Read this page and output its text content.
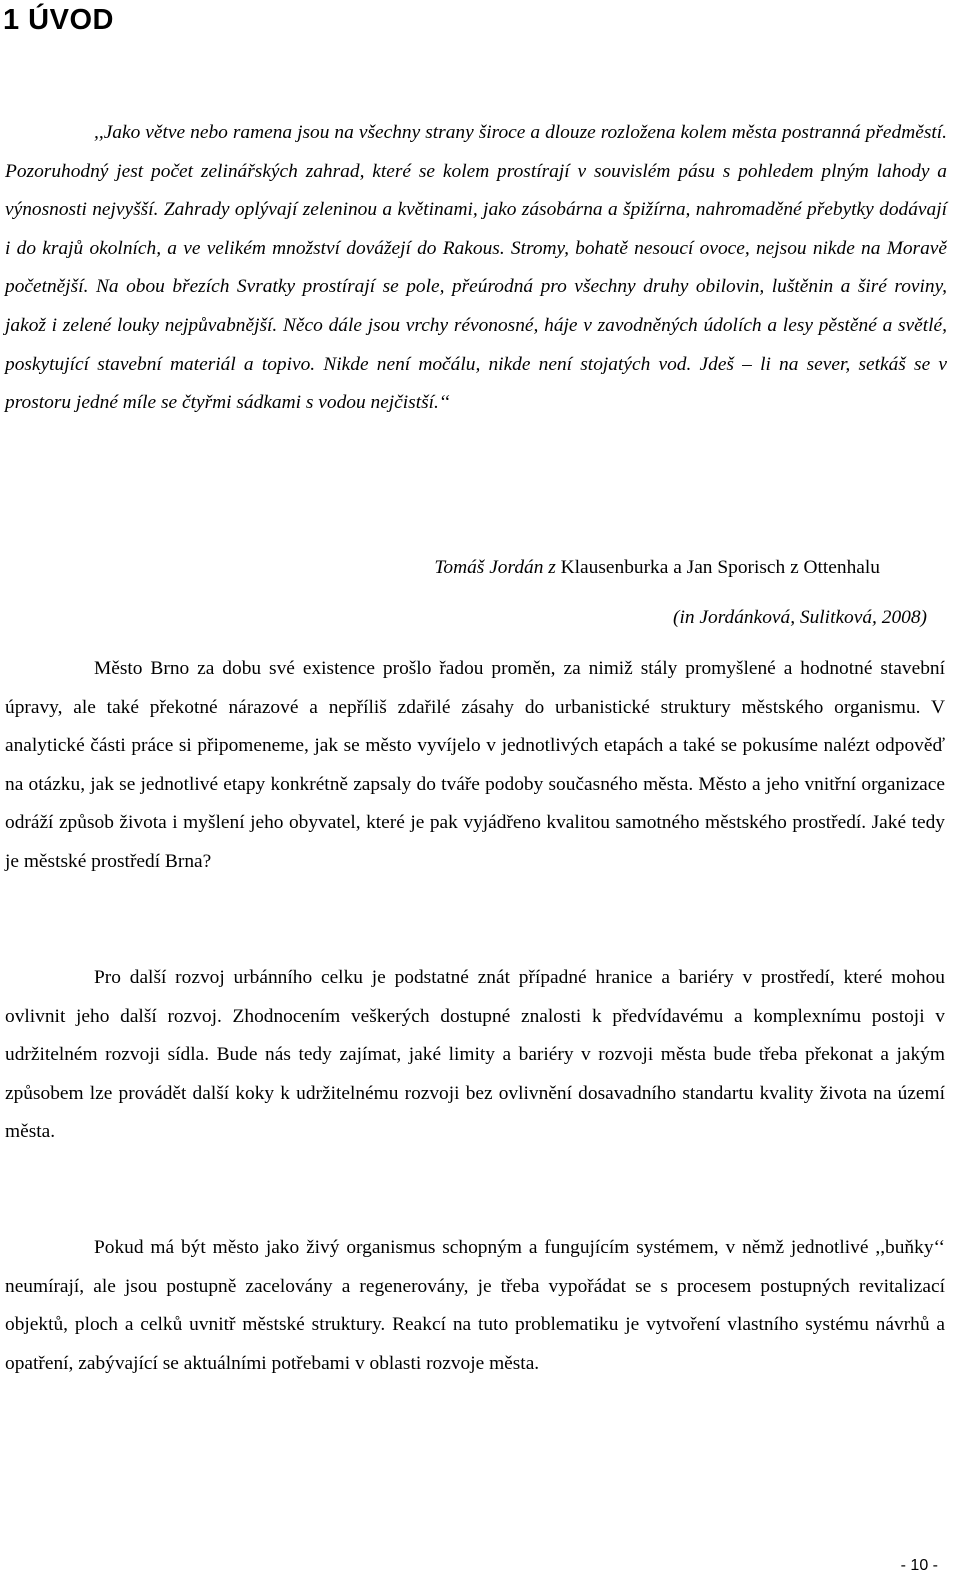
1 ÚVOD

,,Jako větve nebo ramena jsou na všechny strany široce a dlouze rozložena kolem města postranná předměstí. Pozoruhodný jest počet zelinářských zahrad, které se kolem prostírají v souvislém pásu s pohledem plným lahody a výnosnosti nejvyšší. Zahrady oplývají zeleninou a květinami, jako zásobárna a špižírna, nahromaděné přebytky dodávají i do krajů okolních, a ve velikém množství dovážejí do Rakous. Stromy, bohatě nesoucí ovoce, nejsou nikde na Moravě početnější. Na obou březích Svratky prostírají se pole, přeúrodná pro všechny druhy obilovin, luštěnin a širé roviny, jakož i zelené louky nejpůvabnější. Něco dále jsou vrchy révonosné, háje v zavodněných údolích a lesy pěstěné a světlé, poskytující stavební materiál a topivo. Nikde není močálu, nikde není stojatých vod. Jdeš – li na sever, setkáš se v prostoru jedné míle se čtyřmi sádkami s vodou nejčistší.‘‘

Tomáš Jordán z Klausenburka a Jan Sporisch z Ottenhalu

(in Jordánková, Sulitková, 2008)

Město Brno za dobu své existence prošlo řadou proměn, za nimiž stály promyšlené a hodnotné stavební úpravy, ale také překotné nárazové a nepříliš zdařilé zásahy do urbanistické struktury městského organismu. V analytické části práce si připomeneme, jak se město vyvíjelo v jednotlivých etapách a také se pokusíme nalézt odpověď na otázku, jak se jednotlivé etapy konkrétně zapsaly do tváře podoby současného města. Město a jeho vnitřní organizace odráží způsob života i myšlení jeho obyvatel, které je pak vyjádřeno kvalitou samotného městského prostředí. Jaké tedy je městské prostředí Brna?

Pro další rozvoj urbánního celku je podstatné znát případné hranice a bariéry v prostředí, které mohou ovlivnit jeho další rozvoj. Zhodnocením veškerých dostupné znalosti k předvídavému a komplexnímu postoji v udržitelném rozvoji sídla. Bude nás tedy zajímat, jaké limity a bariéry v rozvoji města bude třeba překonat a jakým způsobem lze provádět další koky k udržitelnému rozvoji bez ovlivnění dosavadního standartu kvality života na území města.

Pokud má být město jako živý organismus schopným a fungujícím systémem, v němž jednotlivé ,,buňky‘‘ neumírají, ale jsou postupně zacelovány a regenerovány, je třeba vypořádat se s procesem postupných revitalizací objektů, ploch a celků uvnitř městské struktury. Reakcí na tuto problematiku je vytvoření vlastního systému návrhů a opatření, zabývající se aktuálními potřebami v oblasti rozvoje města.

- 10 -
